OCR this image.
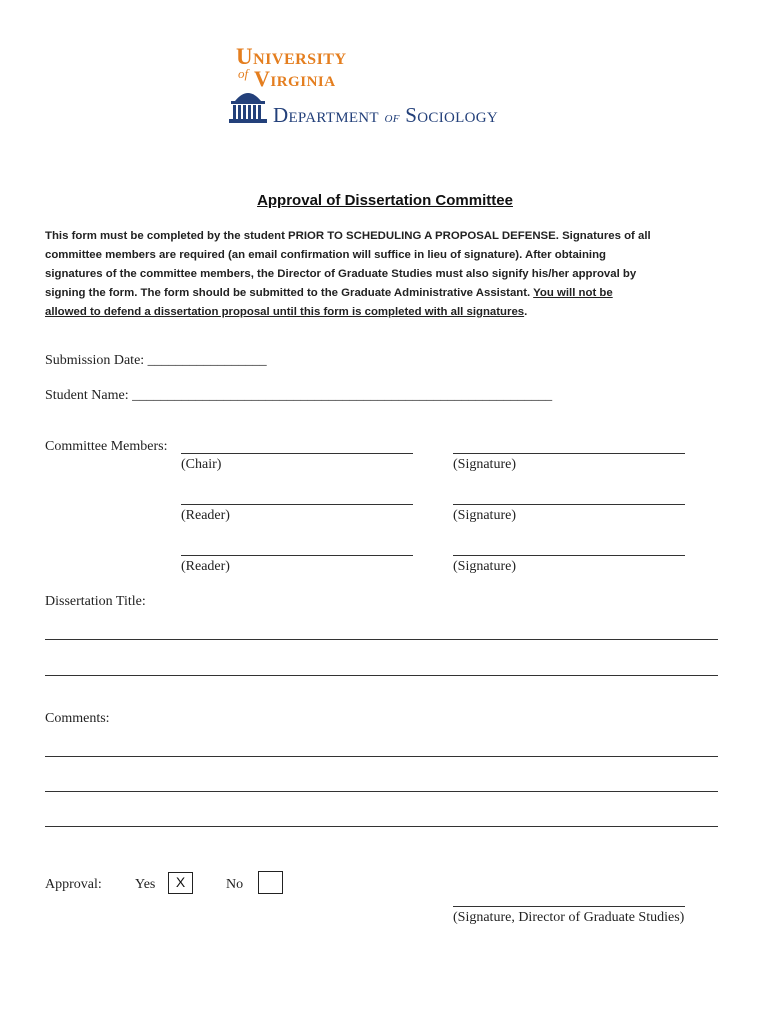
University
of Virginia
Department of Sociology
Approval of Dissertation Committee
This form must be completed by the student PRIOR TO SCHEDULING A PROPOSAL DEFENSE. Signatures of all
committee members are required (an email confirmation will suffice in lieu of signature). After obtaining
signatures of the committee members, the Director of Graduate Studies must also signify his/her approval by
signing the form. The form should be submitted to the Graduate Administrative Assistant. You will not be
allowed to defend a dissertation proposal until this form is completed with all signatures.
Submission Date: _________________
Student Name: ____________________________________________________________
Committee Members:
(Chair)	(Signature)
(Reader)	(Signature)
(Reader)	(Signature)
Dissertation Title:
Comments:
Approval: Yes	X	No
(Signature, Director of Graduate Studies)
